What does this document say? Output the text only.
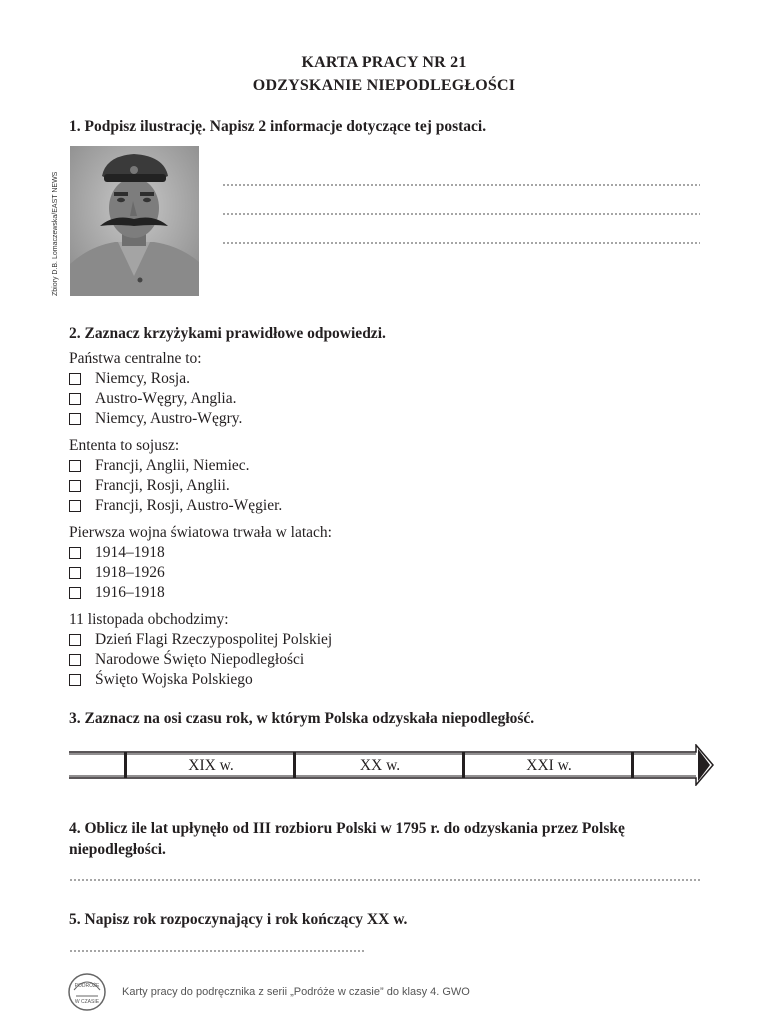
KARTA PRACY NR 21
ODZYSKANIE NIEPODLEGŁOŚCI
1. Podpisz ilustrację. Napisz 2 informacje dotyczące tej postaci.
Zbiory D.B. Lomaczewska/EAST NEWS
2. Zaznacz krzyżykami prawidłowe odpowiedzi.
Państwa centralne to:
Niemcy, Rosja.
Austro-Węgry, Anglia.
Niemcy, Austro-Węgry.
Ententa to sojusz:
Francji, Anglii, Niemiec.
Francji, Rosji, Anglii.
Francji, Rosji, Austro-Węgier.
Pierwsza wojna światowa trwała w latach:
1914–1918
1918–1926
1916–1918
11 listopada obchodzimy:
Dzień Flagi Rzeczypospolitej Polskiej
Narodowe Święto Niepodległości
Święto Wojska Polskiego
3. Zaznacz na osi czasu rok, w którym Polska odzyskała niepodległość.
XIX w.	XX w.	XXI w.
4. Oblicz ile lat upłynęło od III rozbioru Polski w 1795 r. do odzyskania przez Polskę
niepodległości.
5. Napisz rok rozpoczynający i rok kończący XX w.
PODRÓŻE
W CZASIE
Karty pracy do podręcznika z serii „Podróże w czasie” do klasy 4. GWO
